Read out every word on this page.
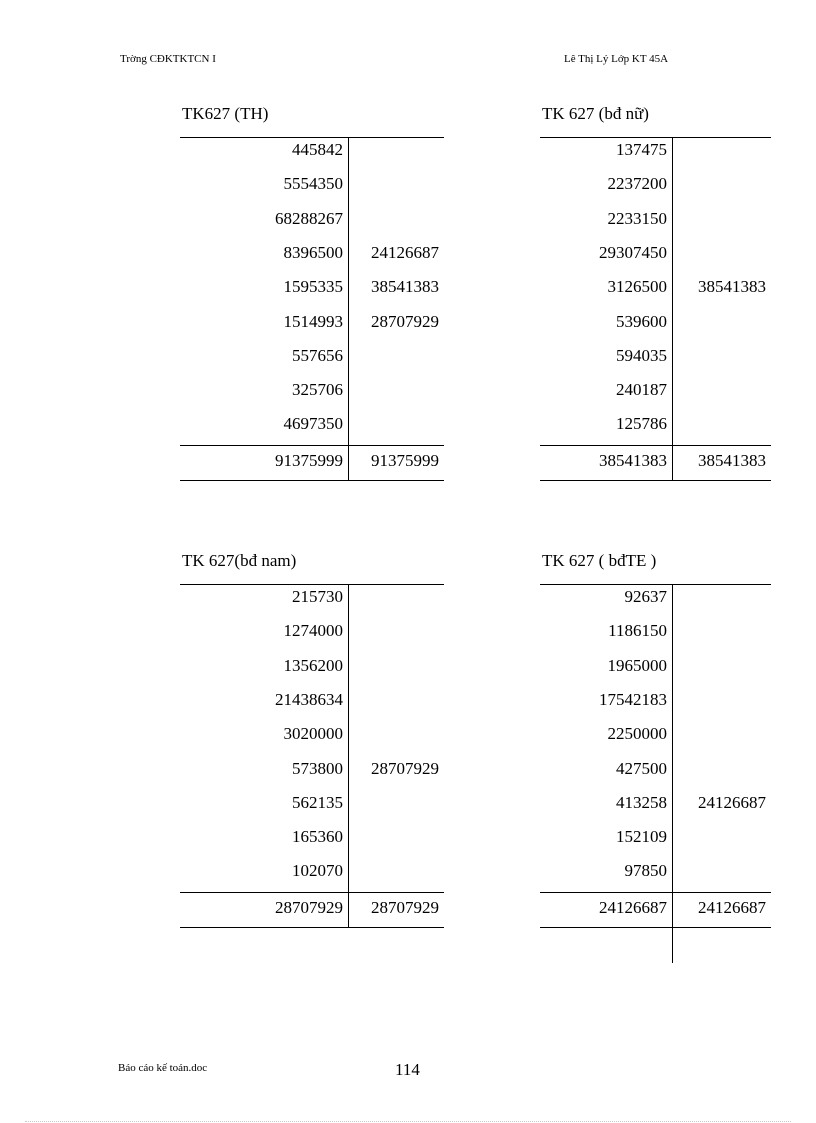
Trờng CĐKTKTCN I	Lê Thị Lý Lớp KT 45A
TK627 (TH)
445842
5554350
68288267
8396500	24126687
1595335	38541383
1514993	28707929
557656
325706
4697350
91375999	91375999
TK 627 (bđ nữ)
137475
2237200
2233150
29307450
3126500	38541383
539600
594035
240187
125786
38541383	38541383
TK 627(bđ nam)
215730
1274000
1356200
21438634
3020000
573800	28707929
562135
165360
102070
28707929	28707929
TK 627 ( bđTE )
92637
1186150
1965000
17542183
2250000
427500
413258	24126687
152109
97850
24126687	24126687
Báo cáo kế toán.doc	114
